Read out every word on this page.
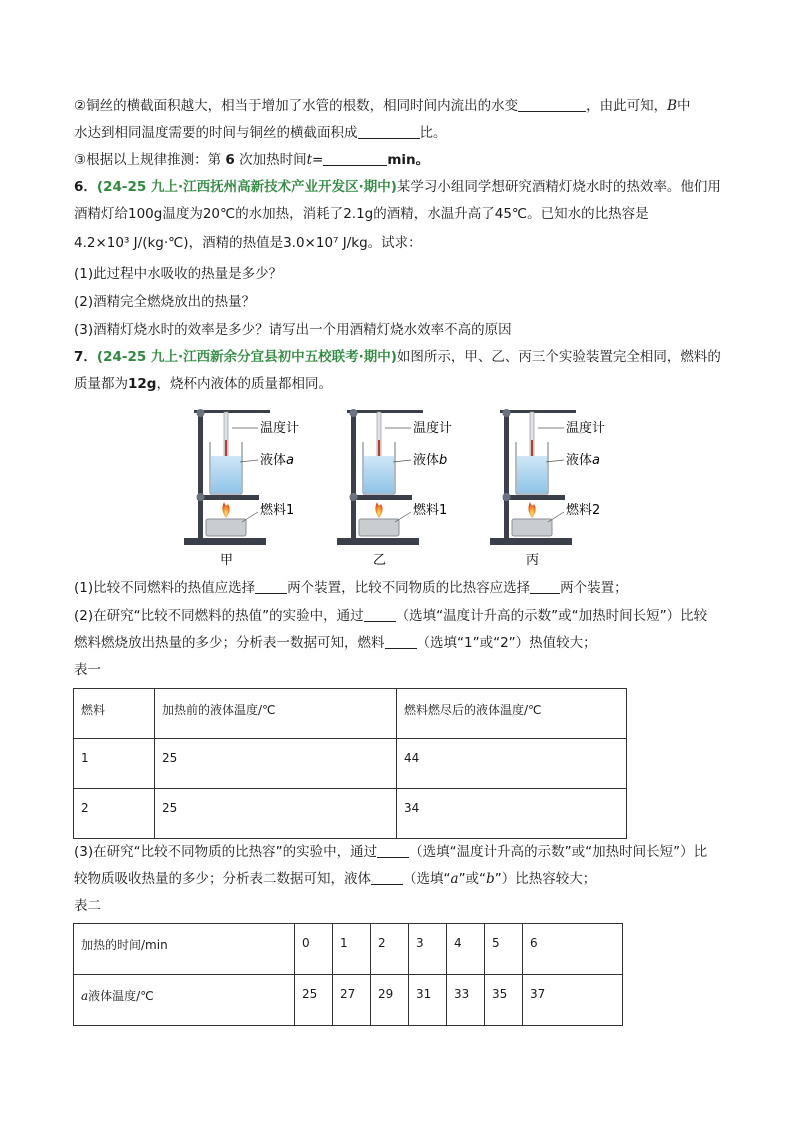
②铜丝的横截面积越大，相当于增加了水管的根数，相同时间内流出的水变	，由此可知，B中
水达到相同温度需要的时间与铜丝的横截面积成	比。
③根据以上规律推测：第 6 次加热时间t=	min。
6．(24-25 九上·江西抚州高新技术产业开发区·期中)某学习小组同学想研究酒精灯烧水时的热效率。他们用
酒精灯给100g温度为20℃的水加热，消耗了2.1g的酒精，水温升高了45℃。已知水的比热容是
4.2×10³ J/(kg·℃)，酒精的热值是3.0×10⁷ J/kg。试求：
(1)此过程中水吸收的热量是多少？
(2)酒精完全燃烧放出的热量？
(3)酒精灯烧水时的效率是多少？请写出一个用酒精灯烧水效率不高的原因
7．(24-25 九上·江西新余分宜县初中五校联考·期中)如图所示，甲、乙、丙三个实验装置完全相同，燃料的
质量都为12g，烧杯内液体的质量都相同。
温度计
液体a
燃料1
甲
温度计
液体b
燃料1
乙
温度计
液体a
燃料2
丙
(1)比较不同燃料的热值应选择 两个装置，比较不同物质的比热容应选择 两个装置；
(2)在研究“比较不同燃料的热值”的实验中，通过 （选填“温度计升高的示数”或“加热时间长短”）比较
燃料燃烧放出热量的多少；分析表一数据可知，燃料 （选填“1”或“2”）热值较大；
表一
燃料	加热前的液体温度/℃	燃料燃尽后的液体温度/℃
1	25	44
2	25	34
(3)在研究“比较不同物质的比热容”的实验中，通过 （选填“温度计升高的示数”或“加热时间长短”）比
较物质吸收热量的多少；分析表二数据可知，液体 （选填“a”或“b”）比热容较大；
表二
加热的时间/min	0	1	2	3	4	5	6
a液体温度/℃	25	27	29	31	33	35	37
